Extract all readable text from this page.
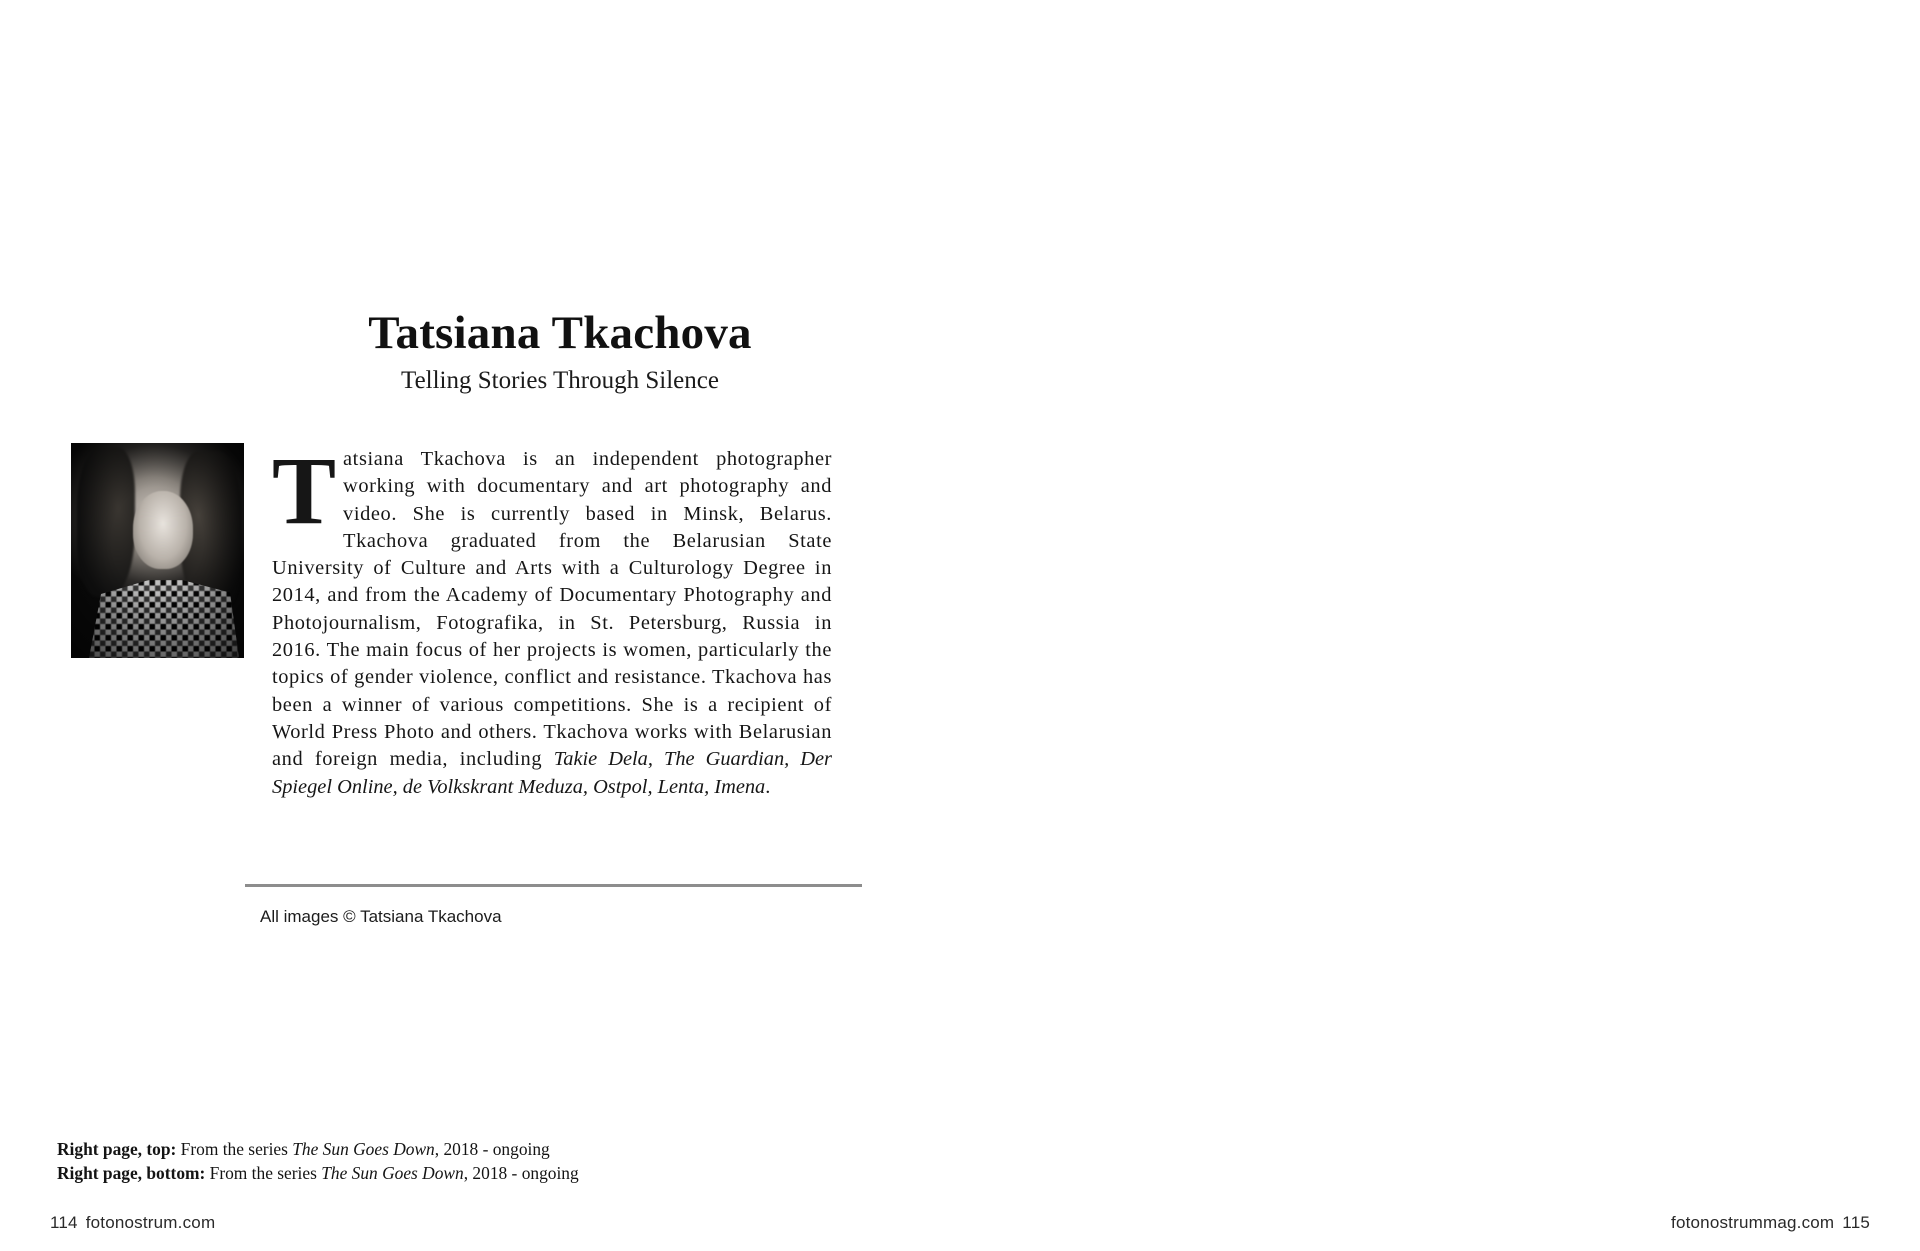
Tatsiana Tkachova
Telling Stories Through Silence
Tatsiana Tkachova is an independent photographer working with documentary and art photography and video. She is currently based in Minsk, Belarus. Tkachova graduated from the Belarusian State University of Culture and Arts with a Culturology Degree in 2014, and from the Academy of Documentary Photography and Photojournalism, Fotografika, in St. Petersburg, Russia in 2016. The main focus of her projects is women, particularly the topics of gender violence, conflict and resistance. Tkachova has been a winner of various competitions. She is a recipient of World Press Photo and others. Tkachova works with Belarusian and foreign media, including Takie Dela, The Guardian, Der Spiegel Online, de Volkskrant Meduza, Ostpol, Lenta, Imena.
All images © Tatsiana Tkachova
Right page, top: From the series The Sun Goes Down, 2018 - ongoing
Right page, bottom: From the series The Sun Goes Down, 2018 - ongoing
114 fotonostrum.com	fotonostrummag.com 115
